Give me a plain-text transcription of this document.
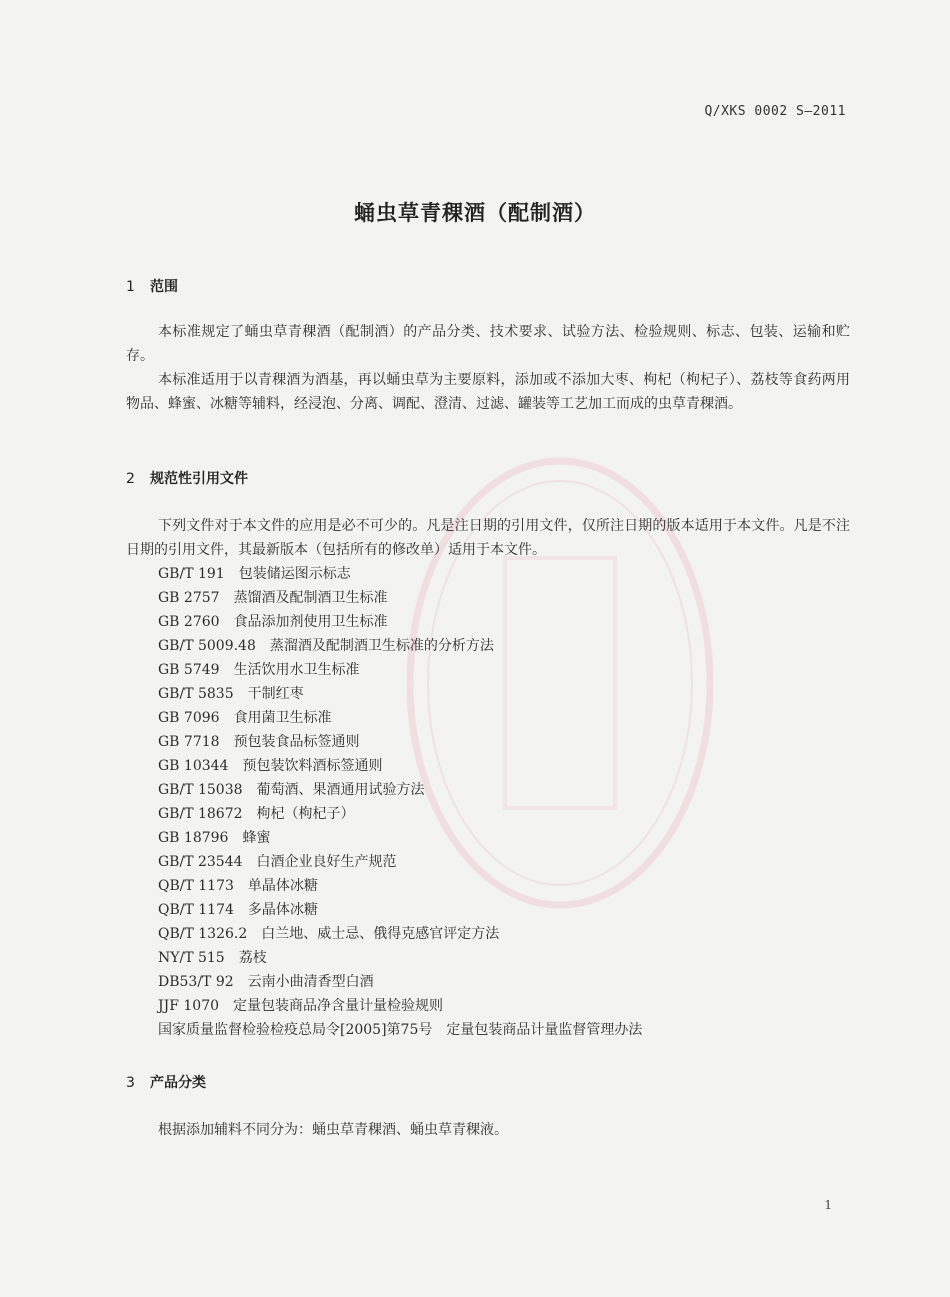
Q/XKS 0002 S—2011
蛹虫草青稞酒（配制酒）
1 范围
本标准规定了蛹虫草青稞酒（配制酒）的产品分类、技术要求、试验方法、检验规则、标志、包装、运输和贮存。
本标准适用于以青稞酒为酒基，再以蛹虫草为主要原料，添加或不添加大枣、枸杞（枸杞子）、荔枝等食药两用物品、蜂蜜、冰糖等辅料，经浸泡、分离、调配、澄清、过滤、罐装等工艺加工而成的虫草青稞酒。
2 规范性引用文件
下列文件对于本文件的应用是必不可少的。凡是注日期的引用文件，仅所注日期的版本适用于本文件。凡是不注日期的引用文件，其最新版本（包括所有的修改单）适用于本文件。
GB/T 191 包装储运图示标志
GB 2757 蒸馏酒及配制酒卫生标准
GB 2760 食品添加剂使用卫生标准
GB/T 5009.48 蒸溜酒及配制酒卫生标准的分析方法
GB 5749 生活饮用水卫生标准
GB/T 5835 干制红枣
GB 7096 食用菌卫生标准
GB 7718 预包装食品标签通则
GB 10344 预包装饮料酒标签通则
GB/T 15038 葡萄酒、果酒通用试验方法
GB/T 18672 枸杞（枸杞子）
GB 18796 蜂蜜
GB/T 23544 白酒企业良好生产规范
QB/T 1173 单晶体冰糖
QB/T 1174 多晶体冰糖
QB/T 1326.2 白兰地、威士忌、俄得克感官评定方法
NY/T 515 荔枝
DB53/T 92 云南小曲清香型白酒
JJF 1070 定量包装商品净含量计量检验规则
国家质量监督检验检疫总局令[2005]第75号 定量包装商品计量监督管理办法
3 产品分类
根据添加辅料不同分为：蛹虫草青稞酒、蛹虫草青稞液。
1
